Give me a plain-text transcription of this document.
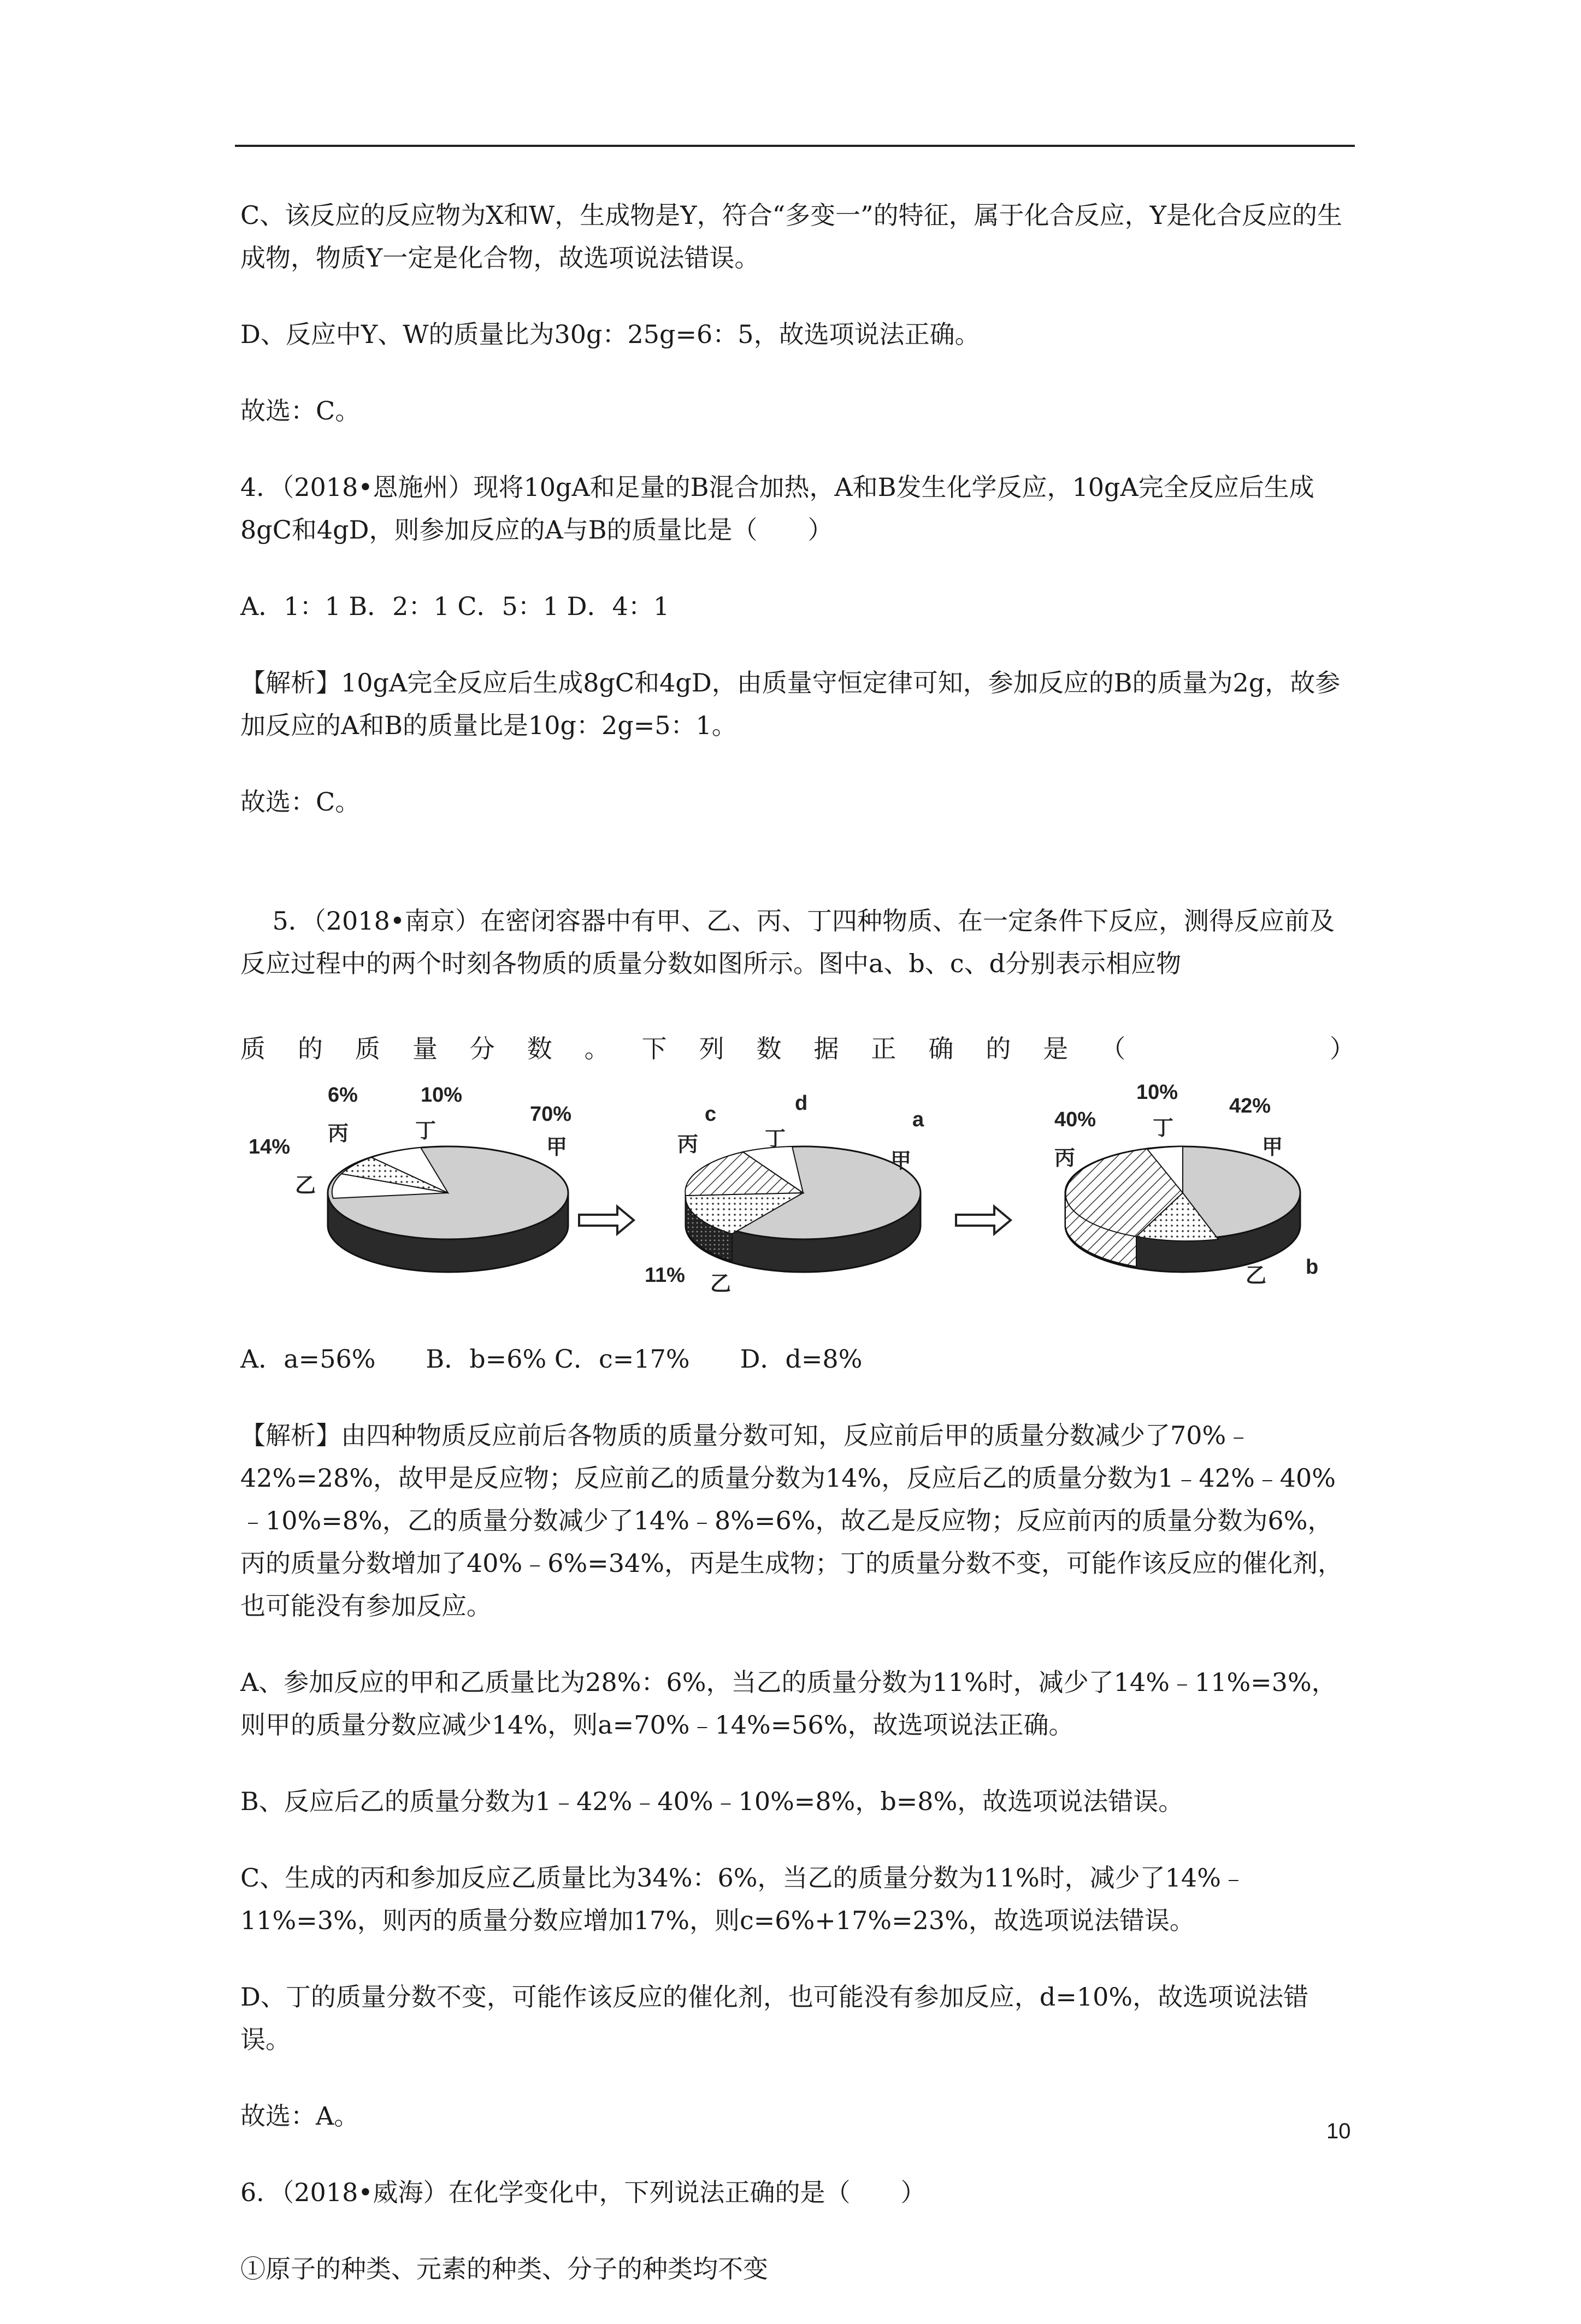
C、该反应的反应物为X和W，生成物是Y，符合“多变一”的特征，属于化合反应，Y是化合反应的生成物，物质Y一定是化合物，故选项说法错误。

D、反应中Y、W的质量比为30g：25g=6：5，故选项说法正确。

故选：C。

4．（2018•恩施州）现将10gA和足量的B混合加热，A和B发生化学反应，10gA完全反应后生成8gC和4gD，则参加反应的A与B的质量比是（　　）

A．1：1 B．2：1 C．5：1 D．4：1

【解析】10gA完全反应后生成8gC和4gD，由质量守恒定律可知，参加反应的B的质量为2g，故参加反应的A和B的质量比是10g：2g=5：1。

故选：C。

5．（2018•南京）在密闭容器中有甲、乙、丙、丁四种物质、在一定条件下反应，测得反应前及反应过程中的两个时刻各物质的质量分数如图所示。图中a、b、c、d分别表示相应物

质的质量分数。下列数据正确的是（　　　）

6%	10%
70%
14%
丙	丁
甲
乙
c	d
a
丙	丁
甲
11% 乙
10%
40%
42%
丙
丁
甲
乙 b

A．a=56%　　B．b=6% C．c=17%　　D．d=8%

【解析】由四种物质反应前后各物质的质量分数可知，反应前后甲的质量分数减少了70%﹣42%=28%，故甲是反应物；反应前乙的质量分数为14%，反应后乙的质量分数为1﹣42%﹣40%﹣10%=8%，乙的质量分数减少了14%﹣8%=6%，故乙是反应物；反应前丙的质量分数为6%，丙的质量分数增加了40%﹣6%=34%，丙是生成物；丁的质量分数不变，可能作该反应的催化剂，也可能没有参加反应。

A、参加反应的甲和乙质量比为28%：6%，当乙的质量分数为11%时，减少了14%﹣11%=3%，则甲的质量分数应减少14%，则a=70%﹣14%=56%，故选项说法正确。

B、反应后乙的质量分数为1﹣42%﹣40%﹣10%=8%，b=8%，故选项说法错误。

C、生成的丙和参加反应乙质量比为34%：6%，当乙的质量分数为11%时，减少了14%﹣11%=3%，则丙的质量分数应增加17%，则c=6%+17%=23%，故选项说法错误。

D、丁的质量分数不变，可能作该反应的催化剂，也可能没有参加反应，d=10%，故选项说法错误。

故选：A。

6．（2018•威海）在化学变化中，下列说法正确的是（　　）

①原子的种类、元素的种类、分子的种类均不变

10
